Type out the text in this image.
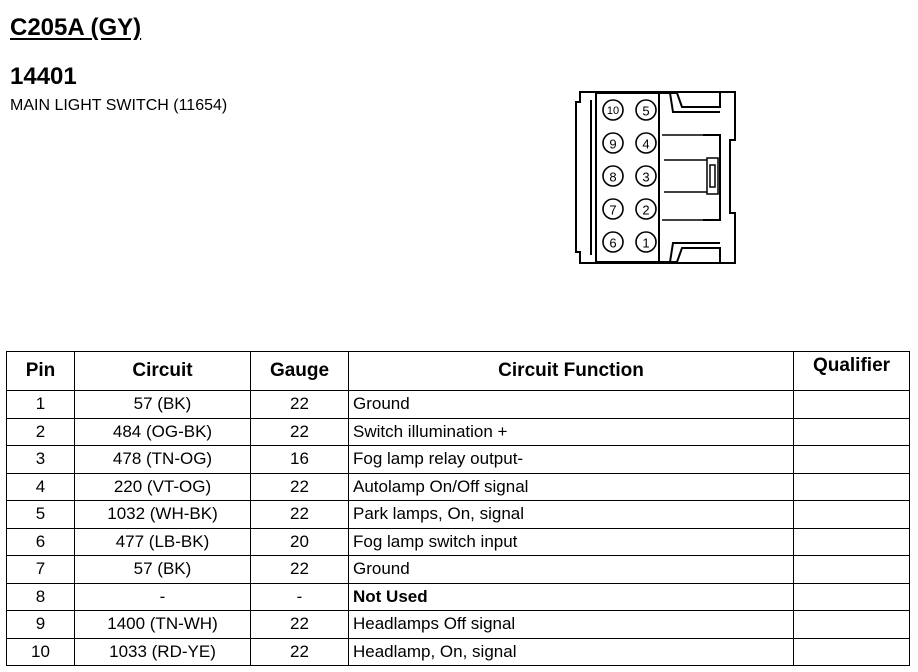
C205A (GY)
14401
MAIN LIGHT SWITCH (11654)	10
9
8
7
6
5
4
3
2
1
Pin	Circuit	Gauge	Circuit Function	Qualifier
1	57 (BK)	22	Ground	
2	484 (OG-BK)	22	Switch illumination +	
3	478 (TN-OG)	16	Fog lamp relay output-	
4	220 (VT-OG)	22	Autolamp On/Off signal	
5	1032 (WH-BK)	22	Park lamps, On, signal	
6	477 (LB-BK)	20	Fog lamp switch input	
7	57 (BK)	22	Ground	
8	-	-	Not Used	
9	1400 (TN-WH)	22	Headlamps Off signal	
10	1033 (RD-YE)	22	Headlamp, On, signal	
